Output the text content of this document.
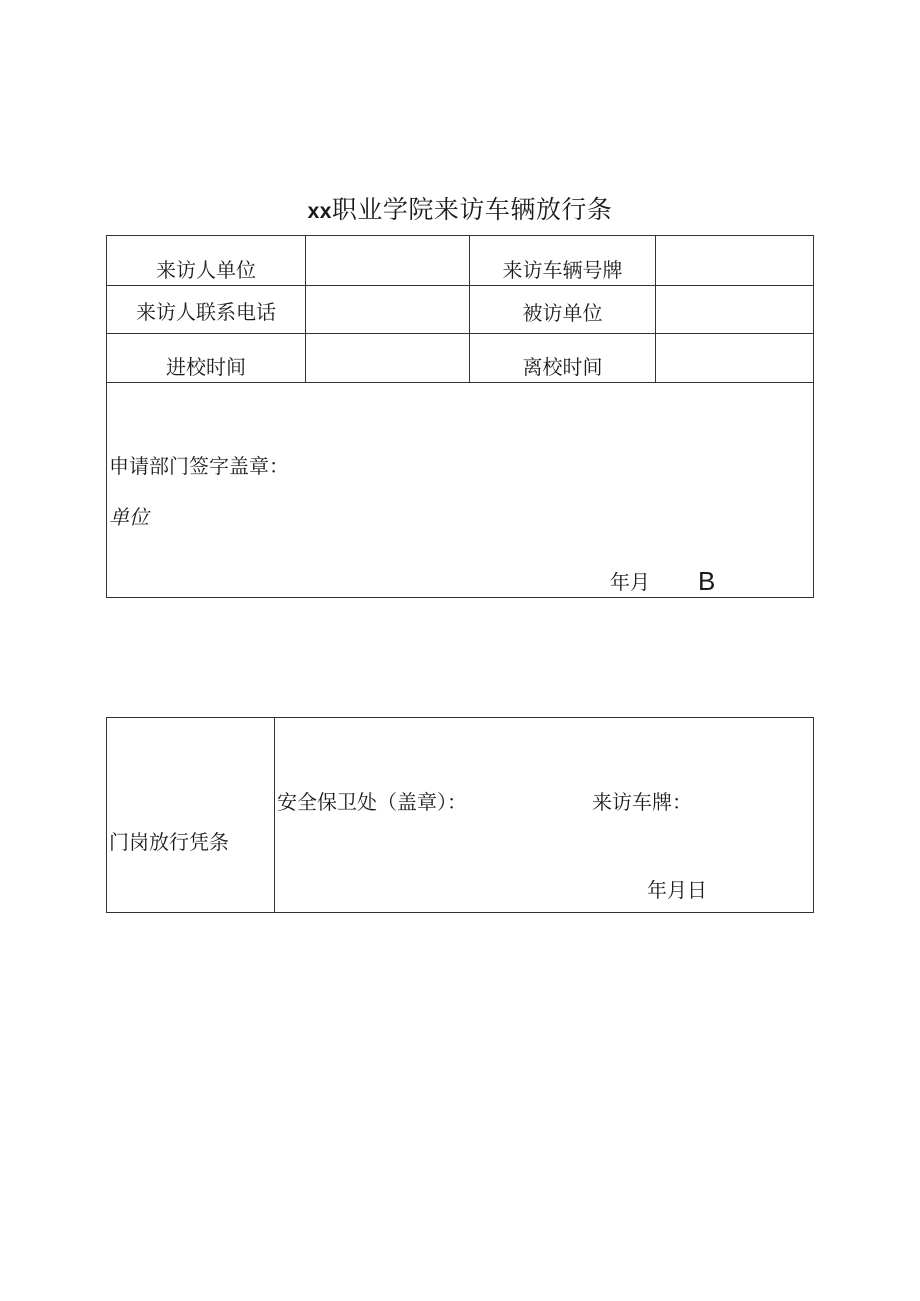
xx职业学院来访车辆放行条
来访人单位	来访车辆号牌
来访人联系电话	被访单位
进校时间	离校时间
申请部门签字盖章：
单位
年月 B
门岗放行凭条
安全保卫处（盖章）：	来访车牌：
年月日
